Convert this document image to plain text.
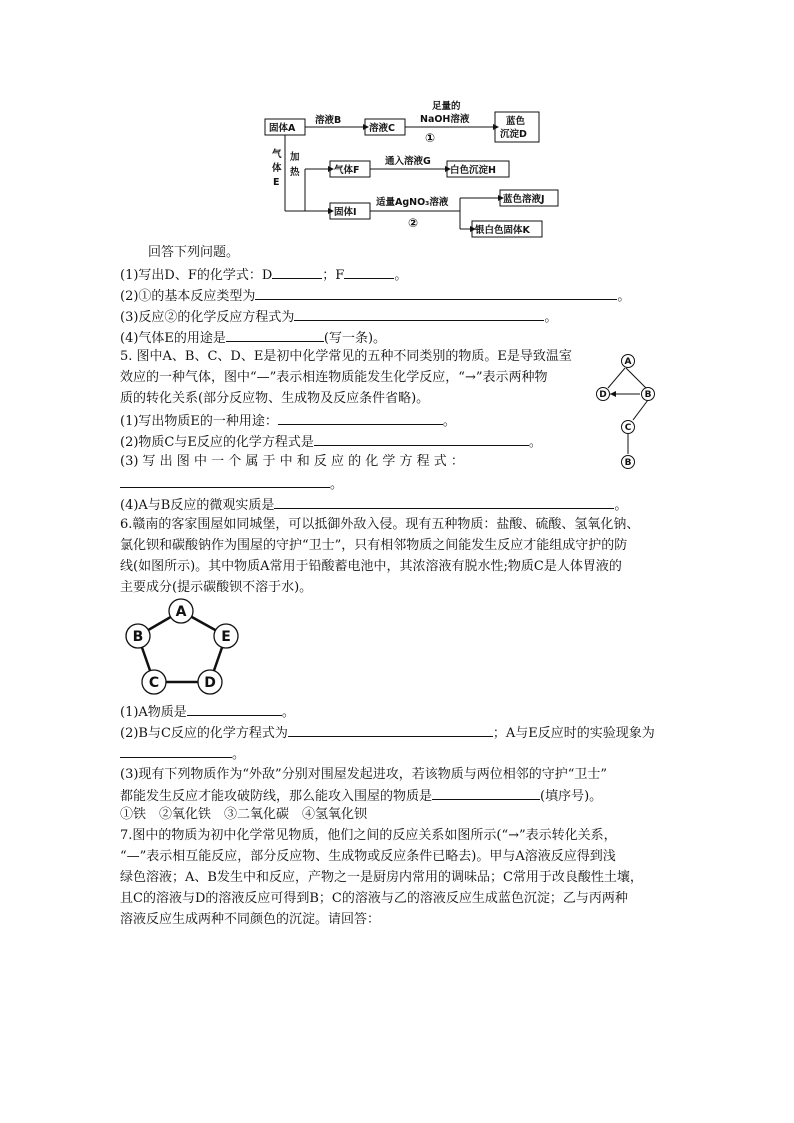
固体A	溶液C
蓝色
沉淀D
气体F	白色沉淀H
固体I
蓝色溶液J
银白色固体K
溶液B
足量的
NaOH溶液
①
气
体
E
加
热
通入溶液G
适量AgNO₃溶液
②
回答下列问题。
(1)写出D、F的化学式：D	；F	。
(2)①的基本反应类型为	。
(3)反应②的化学反应方程式为	。
(4)气体E的用途是	(写一条)。
5. 图中A、B、C、D、E是初中化学常见的五种不同类别的物质。E是导致温室
效应的一种气体，图中“—”表示相连物质能发生化学反应，“→”表示两种物
质的转化关系(部分反应物、生成物及反应条件省略)。
(1)写出物质E的一种用途：	。
(2)物质C与E反应的化学方程式是	。
(3) 写 出 图 中 一 个 属 于 中 和 反 应 的 化 学 方 程 式 ：
。
(4)A与B反应的微观实质是	。
A
D	B
C
B
6.赣南的客家围屋如同城堡，可以抵御外敌入侵。现有五种物质：盐酸、硫酸、氢氧化钠、
氯化钡和碳酸钠作为围屋的守护“卫士”，只有相邻物质之间能发生反应才能组成守护的防
线(如图所示)。其中物质A常用于铅酸蓄电池中，其浓溶液有脱水性;物质C是人体胃液的
主要成分(提示碳酸钡不溶于水)。
A
B	E
C	D
(1)A物质是	。
(2)B与C反应的化学方程式为	；A与E反应时的实验现象为
。
(3)现有下列物质作为“外敌”分别对围屋发起进攻，若该物质与两位相邻的守护“卫士”
都能发生反应才能攻破防线，那么能攻入围屋的物质是	(填序号)。
①铁　②氧化铁　③二氧化碳　④氢氧化钡
7.图中的物质为初中化学常见物质，他们之间的反应关系如图所示(“→”表示转化关系，
“—”表示相互能反应，部分反应物、生成物或反应条件已略去)。甲与A溶液反应得到浅
绿色溶液；A、B发生中和反应，产物之一是厨房内常用的调味品；C常用于改良酸性土壤，
且C的溶液与D的溶液反应可得到B；C的溶液与乙的溶液反应生成蓝色沉淀；乙与丙两种
溶液反应生成两种不同颜色的沉淀。请回答：
